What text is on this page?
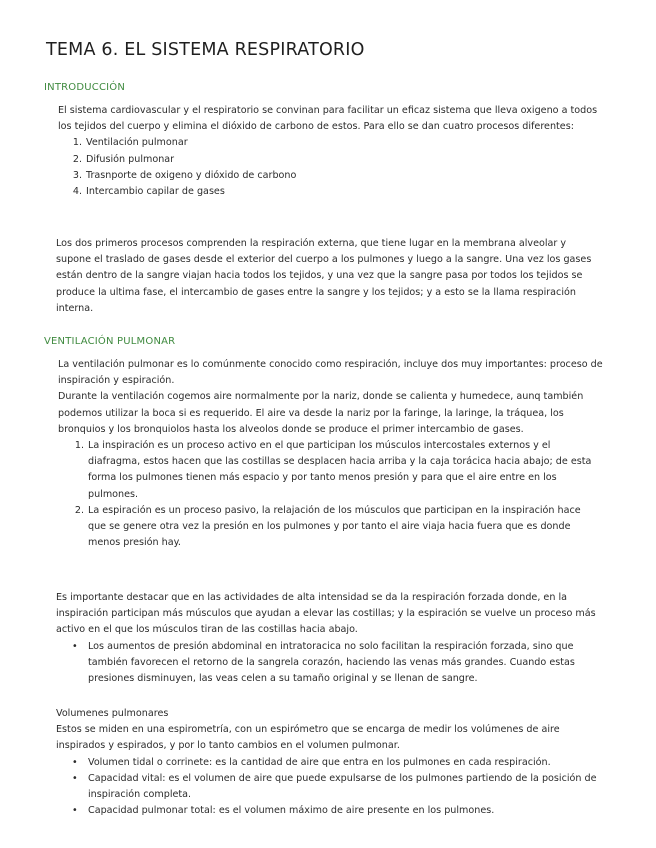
TEMA 6. EL SISTEMA RESPIRATORIO
INTRODUCCIÓN

El sistema cardiovascular y el respiratorio se convinan para facilitar un eficaz sistema que lleva oxigeno a todos los tejidos del cuerpo y elimina el dióxido de carbono de estos. Para ello se dan cuatro procesos diferentes:

1. Ventilación pulmonar
2. Difusión pulmonar
3. Trasnporte de oxigeno y dióxido de carbono
4. Intercambio capilar de gases

Los dos primeros procesos comprenden la respiración externa, que tiene lugar en la membrana alveolar y supone el traslado de gases desde el exterior del cuerpo a los pulmones y luego a la sangre. Una vez los gases están dentro de la sangre viajan hacia todos los tejidos, y una vez que la sangre pasa por todos los tejidos se produce la ultima fase, el intercambio de gases entre la sangre y los tejidos; y a esto se la llama respiración interna.

VENTILACIÓN PULMONAR

La ventilación pulmonar es lo comúnmente conocido como respiración, incluye dos muy importantes: proceso de inspiración y espiración.

Durante la ventilación cogemos aire normalmente por la nariz, donde se calienta y humedece, aunq también podemos utilizar la boca si es requerido. El aire va desde la nariz por la faringe, la laringe, la tráquea, los bronquios y los bronquiolos hasta los alveolos donde se produce el primer intercambio de gases.

1. La inspiración es un proceso activo en el que participan los músculos intercostales externos y el diafragma, estos hacen que las costillas se desplacen hacia arriba y la caja torácica hacia abajo; de esta forma los pulmones tienen más espacio y por tanto menos presión y para que el aire entre en los pulmones.
2. La espiración es un proceso pasivo, la relajación de los músculos que participan en la inspiración hace que se genere otra vez la presión en los pulmones y por tanto el aire viaja hacia fuera que es donde menos presión hay.

Es importante destacar que en las actividades de alta intensidad se da la respiración forzada donde, en la inspiración participan más músculos que ayudan a elevar las costillas; y la espiración se vuelve un proceso más activo en el que los músculos tiran de las costillas hacia abajo.

• Los aumentos de presión abdominal en intratoracica no solo facilitan la respiración forzada, sino que también favorecen el retorno de la sangrela corazón, haciendo las venas más grandes. Cuando estas presiones disminuyen, las veas celen a su tamaño original y se llenan de sangre.

Volumenes pulmonares

Estos se miden en una espirometría, con un espirómetro que se encarga de medir los volúmenes de aire inspirados y espirados, y por lo tanto cambios en el volumen pulmonar.

• Volumen tidal o corrinete: es la cantidad de aire que entra en los pulmones en cada respiración.
• Capacidad vital: es el volumen de aire que puede expulsarse de los pulmones partiendo de la posición de inspiración completa.
• Capacidad pulmonar total: es el volumen máximo de aire presente en los pulmones.
